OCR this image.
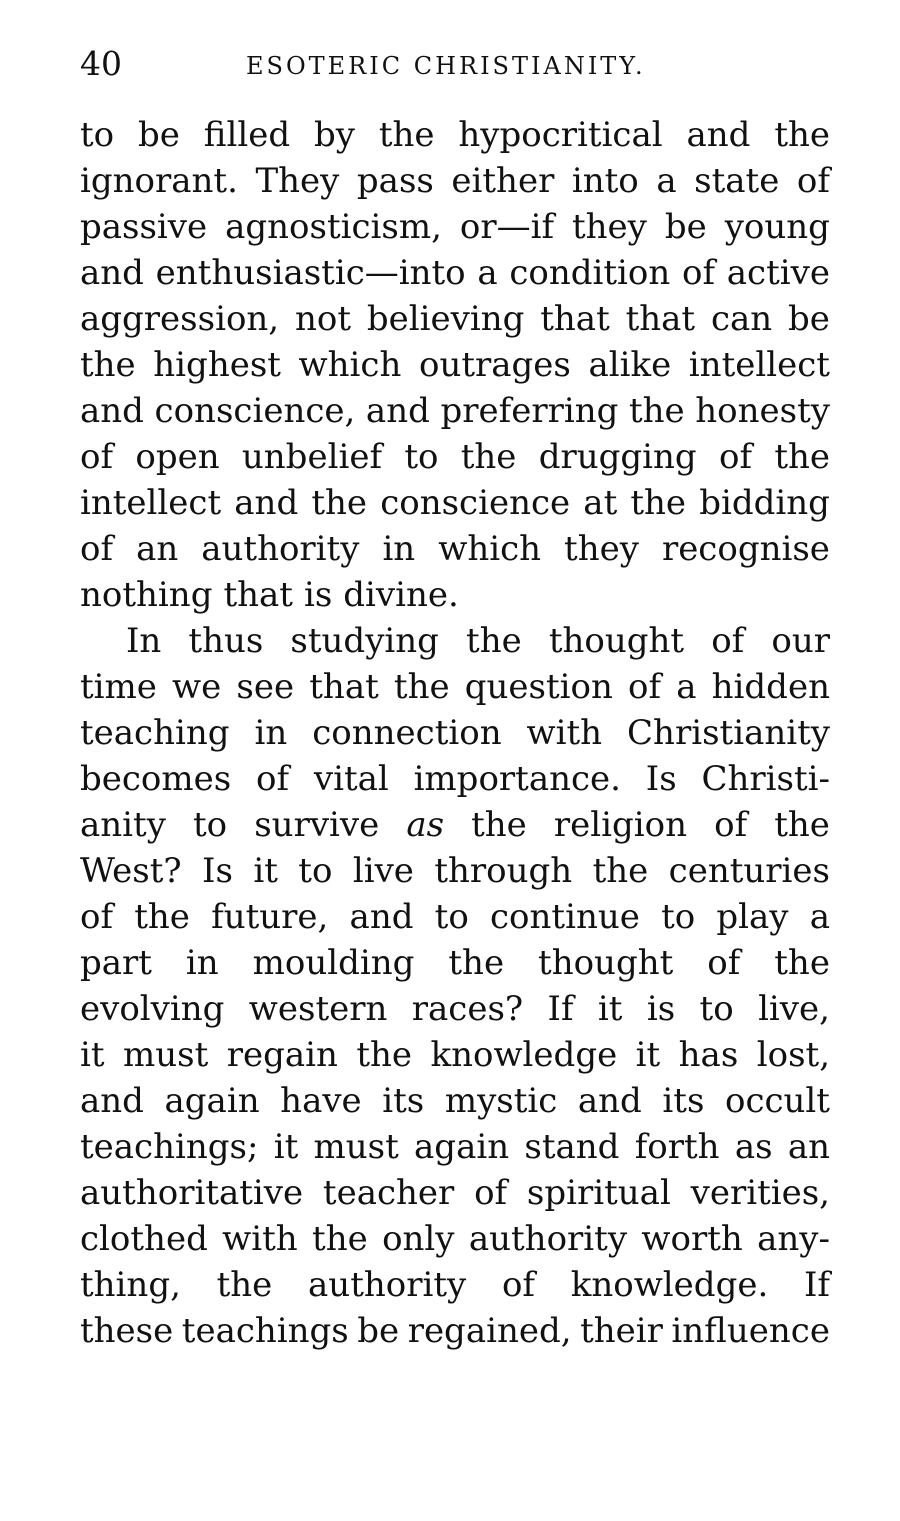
40	ESOTERIC CHRISTIANITY.
to be filled by the hypocritical and the
ignorant. They pass either into a state of
passive agnosticism, or—if they be young
and enthusiastic—into a condition of active
aggression, not believing that that can be
the highest which outrages alike intellect
and conscience, and preferring the honesty
of open unbelief to the drugging of the
intellect and the conscience at the bidding
of an authority in which they recognise
nothing that is divine.
In thus studying the thought of our
time we see that the question of a hidden
teaching in connection with Christianity
becomes of vital importance. Is Christi-
anity to survive as the religion of the
West? Is it to live through the centuries
of the future, and to continue to play a
part in moulding the thought of the
evolving western races? If it is to live,
it must regain the knowledge it has lost,
and again have its mystic and its occult
teachings; it must again stand forth as an
authoritative teacher of spiritual verities,
clothed with the only authority worth any-
thing, the authority of knowledge. If
these teachings be regained, their influence
